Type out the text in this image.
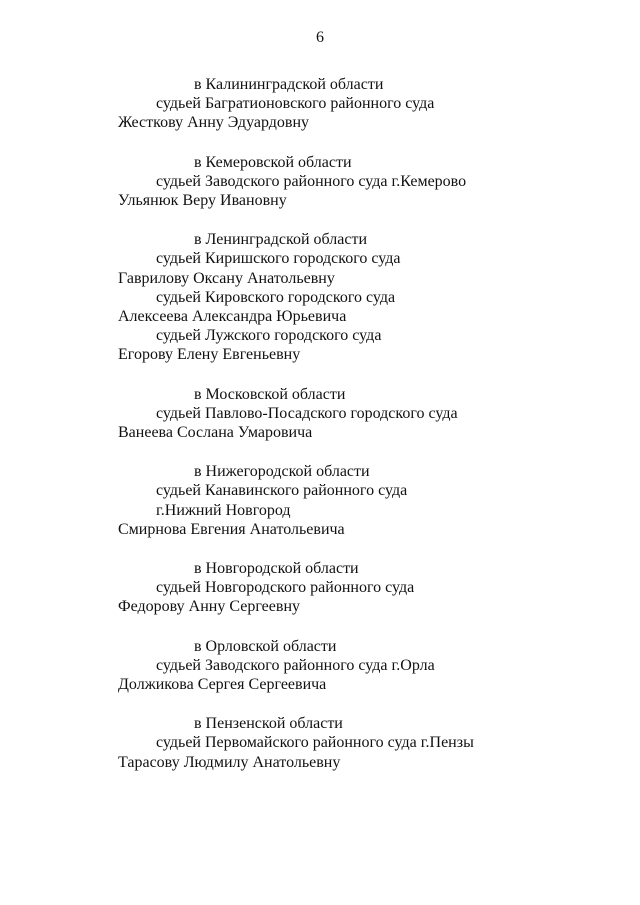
6
в Калининградской области
судьей Багратионовского районного суда
Жесткову Анну Эдуардовну
в Кемеровской области
судьей Заводского районного суда г.Кемерово
Ульянюк Веру Ивановну
в Ленинградской области
судьей Киришского городского суда
Гаврилову Оксану Анатольевну
судьей Кировского городского суда
Алексеева Александра Юрьевича
судьей Лужского городского суда
Егорову Елену Евгеньевну
в Московской области
судьей Павлово-Посадского городского суда
Ванеева Сослана Умаровича
в Нижегородской области
судьей Канавинского районного суда
г.Нижний Новгород
Смирнова Евгения Анатольевича
в Новгородской области
судьей Новгородского районного суда
Федорову Анну Сергеевну
в Орловской области
судьей Заводского районного суда г.Орла
Должикова Сергея Сергеевича
в Пензенской области
судьей Первомайского районного суда г.Пензы
Тарасову Людмилу Анатольевну
